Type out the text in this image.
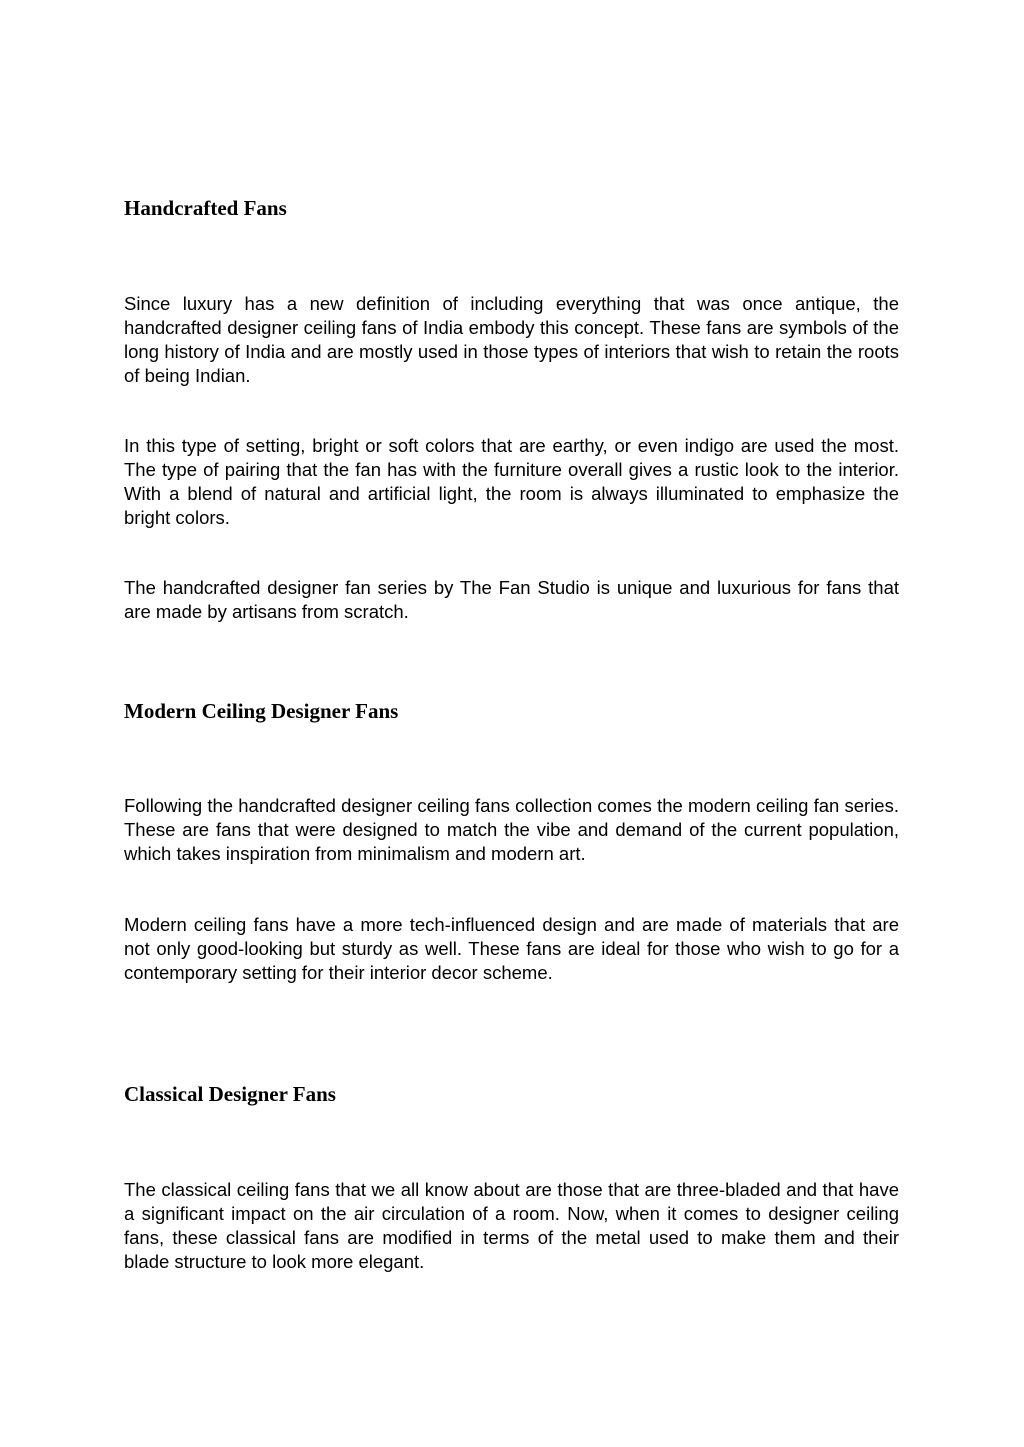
Handcrafted Fans

Since luxury has a new definition of including everything that was once antique, the handcrafted designer ceiling fans of India embody this concept. These fans are symbols of the long history of India and are mostly used in those types of interiors that wish to retain the roots of being Indian.

In this type of setting, bright or soft colors that are earthy, or even indigo are used the most. The type of pairing that the fan has with the furniture overall gives a rustic look to the interior. With a blend of natural and artificial light, the room is always illuminated to emphasize the bright colors.

The handcrafted designer fan series by The Fan Studio is unique and luxurious for fans that are made by artisans from scratch.

Modern Ceiling Designer Fans

Following the handcrafted designer ceiling fans collection comes the modern ceiling fan series. These are fans that were designed to match the vibe and demand of the current population, which takes inspiration from minimalism and modern art.

Modern ceiling fans have a more tech-influenced design and are made of materials that are not only good-looking but sturdy as well. These fans are ideal for those who wish to go for a contemporary setting for their interior decor scheme.

Classical Designer Fans

The classical ceiling fans that we all know about are those that are three-bladed and that have a significant impact on the air circulation of a room. Now, when it comes to designer ceiling fans, these classical fans are modified in terms of the metal used to make them and their blade structure to look more elegant.
